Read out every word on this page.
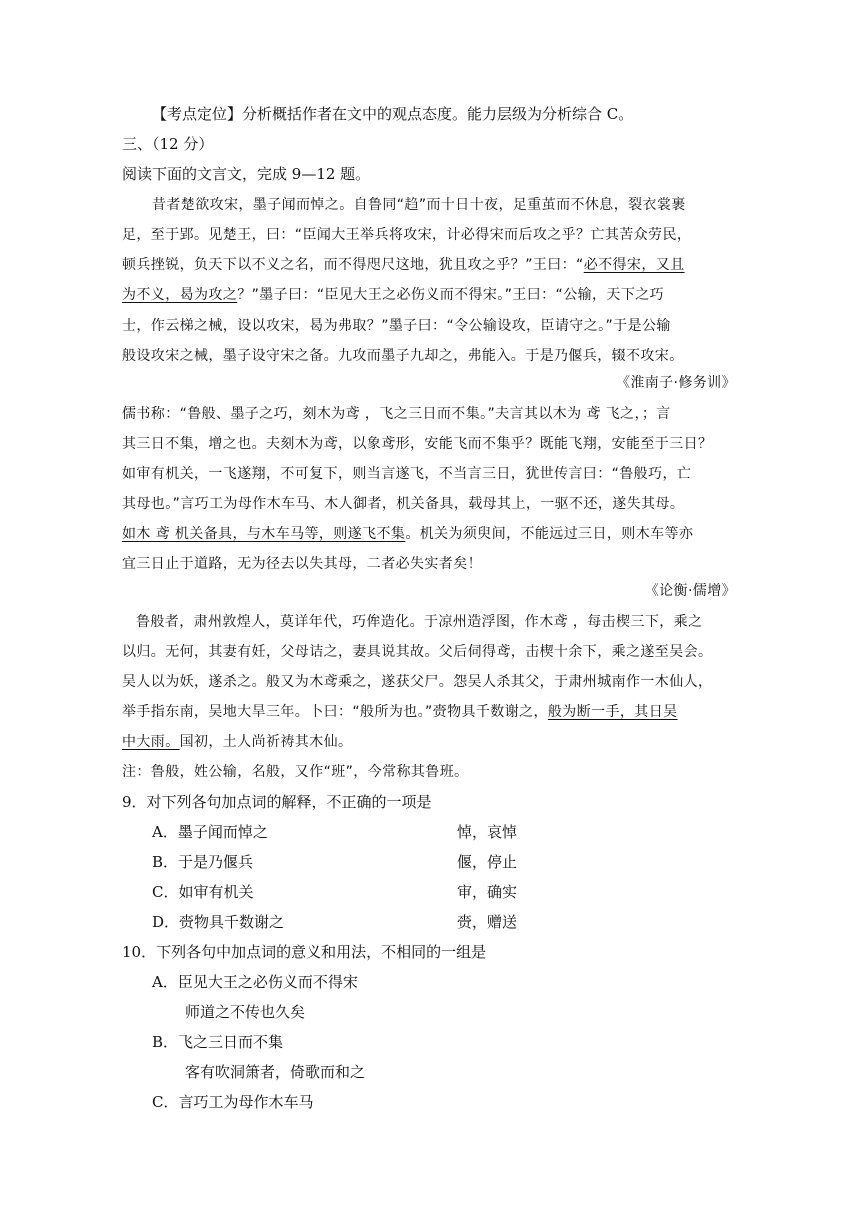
【考点定位】分析概括作者在文中的观点态度。能力层级为分析综合 C。
三、（12 分）
阅读下面的文言文，完成 9—12 题。
昔者楚欲攻宋，墨子闻而悼之。自鲁同“趋”而十日十夜，足重茧而不休息，裂衣裳裹
足，至于郢。见楚王，曰：“臣闻大王举兵将攻宋，计必得宋而后攻之乎？亡其苦众劳民，
顿兵挫锐，负天下以不义之名，而不得咫尺这地，犹且攻之乎？”王曰：“必不得宋，又且
为不义，曷为攻之？”墨子曰：“臣见大王之必伤义而不得宋。”王曰：“公输，天下之巧
士，作云梯之械，设以攻宋，曷为弗取？”墨子曰：“令公输设攻，臣请守之。”于是公输
般设攻宋之械，墨子设守宋之备。九攻而墨子九却之，弗能入。于是乃偃兵，辍不攻宋。
《淮南子·修务训》
儒书称：“鲁般、墨子之巧，刻木为鸢 ，飞之三日而不集。”夫言其以木为 鸢 飞之，；言
其三日不集，增之也。夫刻木为鸢，以象鸢形，安能飞而不集乎？既能飞翔，安能至于三日？
如审有机关，一飞遂翔，不可复下，则当言遂飞，不当言三日，犹世传言曰：“鲁般巧，亡
其母也。”言巧工为母作木车马、木人御者，机关备具，载母其上，一驱不还，遂失其母。
如木 鸢 机关备具，与木车马等，则遂飞不集。机关为须臾间，不能远过三日，则木车等亦
宜三日止于道路，无为径去以失其母，二者必失实者矣！
《论衡·儒增》
鲁般者，肃州敦煌人，莫详年代，巧侔造化。于凉州造浮图，作木鸢 ，每击楔三下，乘之
以归。无何，其妻有妊，父母诘之，妻具说其故。父后伺得鸢，击楔十余下，乘之遂至吴会。
吴人以为妖，遂杀之。般又为木鸢乘之，遂获父尸。怨吴人杀其父，于肃州城南作一木仙人，
举手指东南，吴地大旱三年。卜曰：“般所为也。”赍物具千数谢之，般为断一手，其日吴
中大雨。国初，土人尚祈祷其木仙。
注：鲁般，姓公输，名般，又作“班”，今常称其鲁班。
9．对下列各句加点词的解释，不正确的一项是
A．墨子闻而悼之	悼，哀悼
B．于是乃偃兵	偃，停止
C．如审有机关	审，确实
D．赍物具千数谢之	赍，赠送
10．下列各句中加点词的意义和用法，不相同的一组是
A．臣见大王之必伤义而不得宋
师道之不传也久矣
B．飞之三日而不集
客有吹洞箫者，倚歌而和之
C．言巧工为母作木车马
